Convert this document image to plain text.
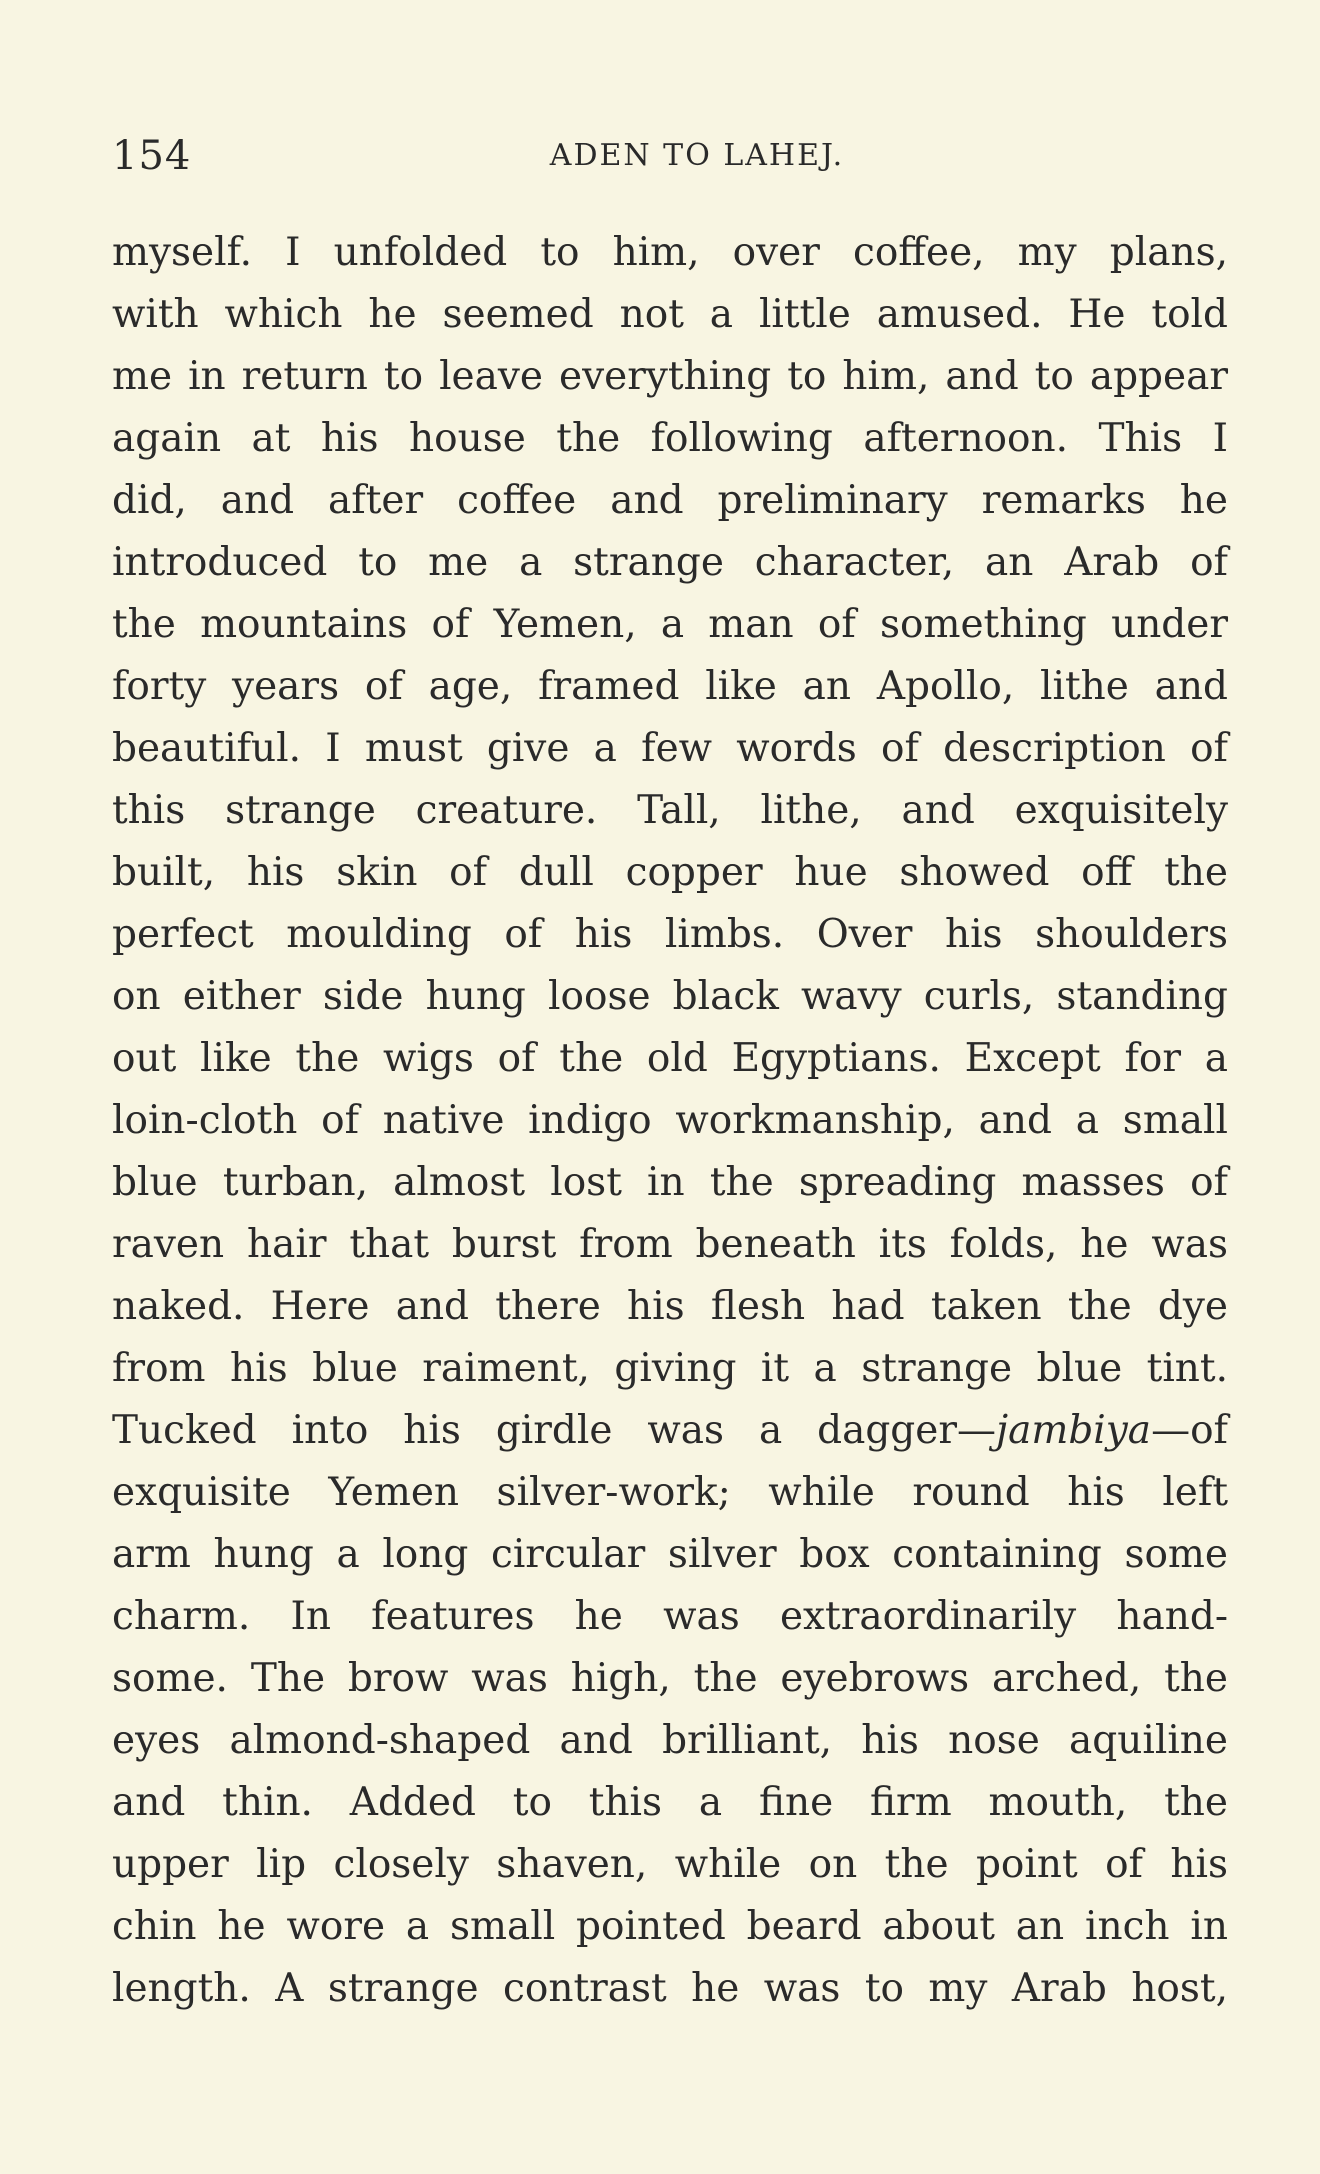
154	ADEN TO LAHEJ.
myself. I unfolded to him, over coffee, my plans,
with which he seemed not a little amused. He told
me in return to leave everything to him, and to appear
again at his house the following afternoon. This I
did, and after coffee and preliminary remarks he
introduced to me a strange character, an Arab of
the mountains of Yemen, a man of something under
forty years of age, framed like an Apollo, lithe and
beautiful. I must give a few words of description of
this strange creature. Tall, lithe, and exquisitely
built, his skin of dull copper hue showed off the
perfect moulding of his limbs. Over his shoulders
on either side hung loose black wavy curls, standing
out like the wigs of the old Egyptians. Except for a
loin-cloth of native indigo workmanship, and a small
blue turban, almost lost in the spreading masses of
raven hair that burst from beneath its folds, he was
naked. Here and there his flesh had taken the dye
from his blue raiment, giving it a strange blue tint.
Tucked into his girdle was a dagger—jambiya—of
exquisite Yemen silver-work; while round his left
arm hung a long circular silver box containing some
charm. In features he was extraordinarily hand-
some. The brow was high, the eyebrows arched, the
eyes almond-shaped and brilliant, his nose aquiline
and thin. Added to this a fine firm mouth, the
upper lip closely shaven, while on the point of his
chin he wore a small pointed beard about an inch in
length. A strange contrast he was to my Arab host,
